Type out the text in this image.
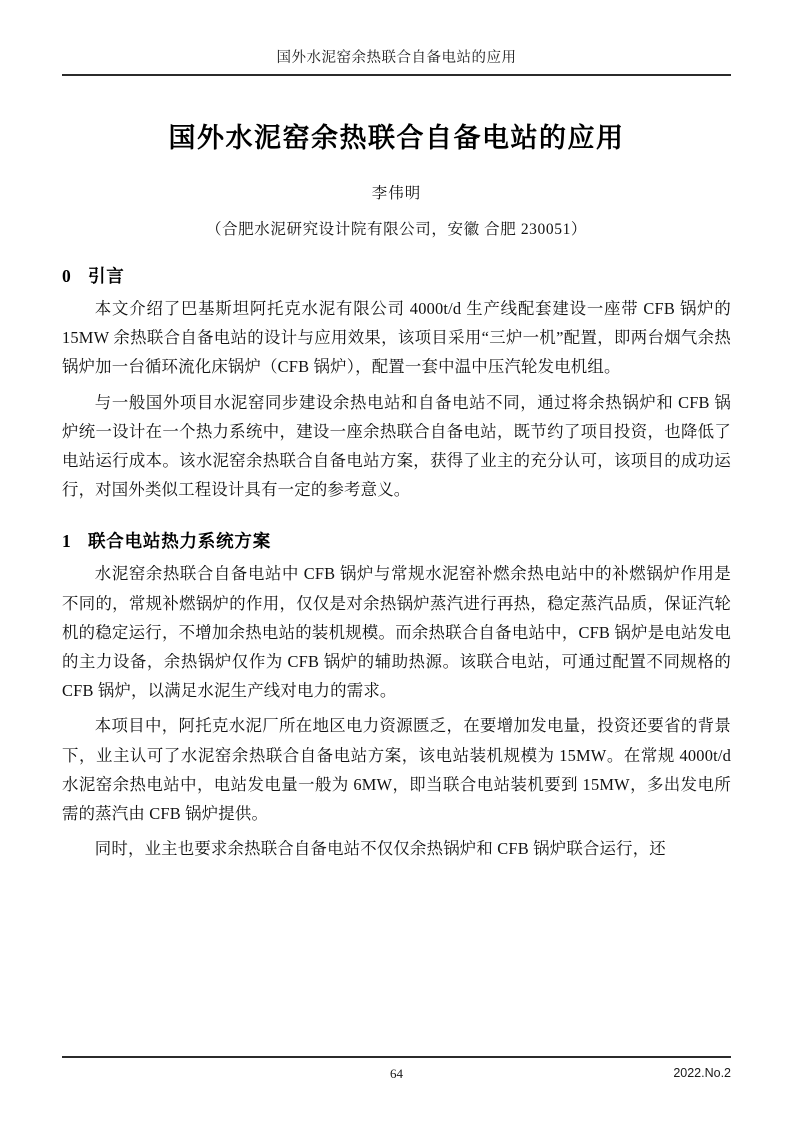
国外水泥窑余热联合自备电站的应用
国外水泥窑余热联合自备电站的应用
李伟明
（合肥水泥研究设计院有限公司，安徽 合肥 230051）
0 引言

本文介绍了巴基斯坦阿托克水泥有限公司 4000t/d 生产线配套建设一座带 CFB 锅炉的 15MW 余热联合自备电站的设计与应用效果，该项目采用“三炉一机”配置，即两台烟气余热锅炉加一台循环流化床锅炉（CFB 锅炉），配置一套中温中压汽轮发电机组。

与一般国外项目水泥窑同步建设余热电站和自备电站不同，通过将余热锅炉和 CFB 锅炉统一设计在一个热力系统中，建设一座余热联合自备电站，既节约了项目投资，也降低了电站运行成本。该水泥窑余热联合自备电站方案，获得了业主的充分认可，该项目的成功运行，对国外类似工程设计具有一定的参考意义。

1 联合电站热力系统方案

水泥窑余热联合自备电站中 CFB 锅炉与常规水泥窑补燃余热电站中的补燃锅炉作用是不同的，常规补燃锅炉的作用，仅仅是对余热锅炉蒸汽进行再热，稳定蒸汽品质，保证汽轮机的稳定运行，不增加余热电站的装机规模。而余热联合自备电站中，CFB 锅炉是电站发电的主力设备，余热锅炉仅作为 CFB 锅炉的辅助热源。该联合电站，可通过配置不同规格的 CFB 锅炉，以满足水泥生产线对电力的需求。

本项目中，阿托克水泥厂所在地区电力资源匮乏，在要增加发电量，投资还要省的背景下，业主认可了水泥窑余热联合自备电站方案，该电站装机规模为 15MW。在常规 4000t/d 水泥窑余热电站中，电站发电量一般为 6MW，即当联合电站装机要到 15MW，多出发电所需的蒸汽由 CFB 锅炉提供。

同时，业主也要求余热联合自备电站不仅仅余热锅炉和 CFB 锅炉联合运行，还

64	2022.No.2
